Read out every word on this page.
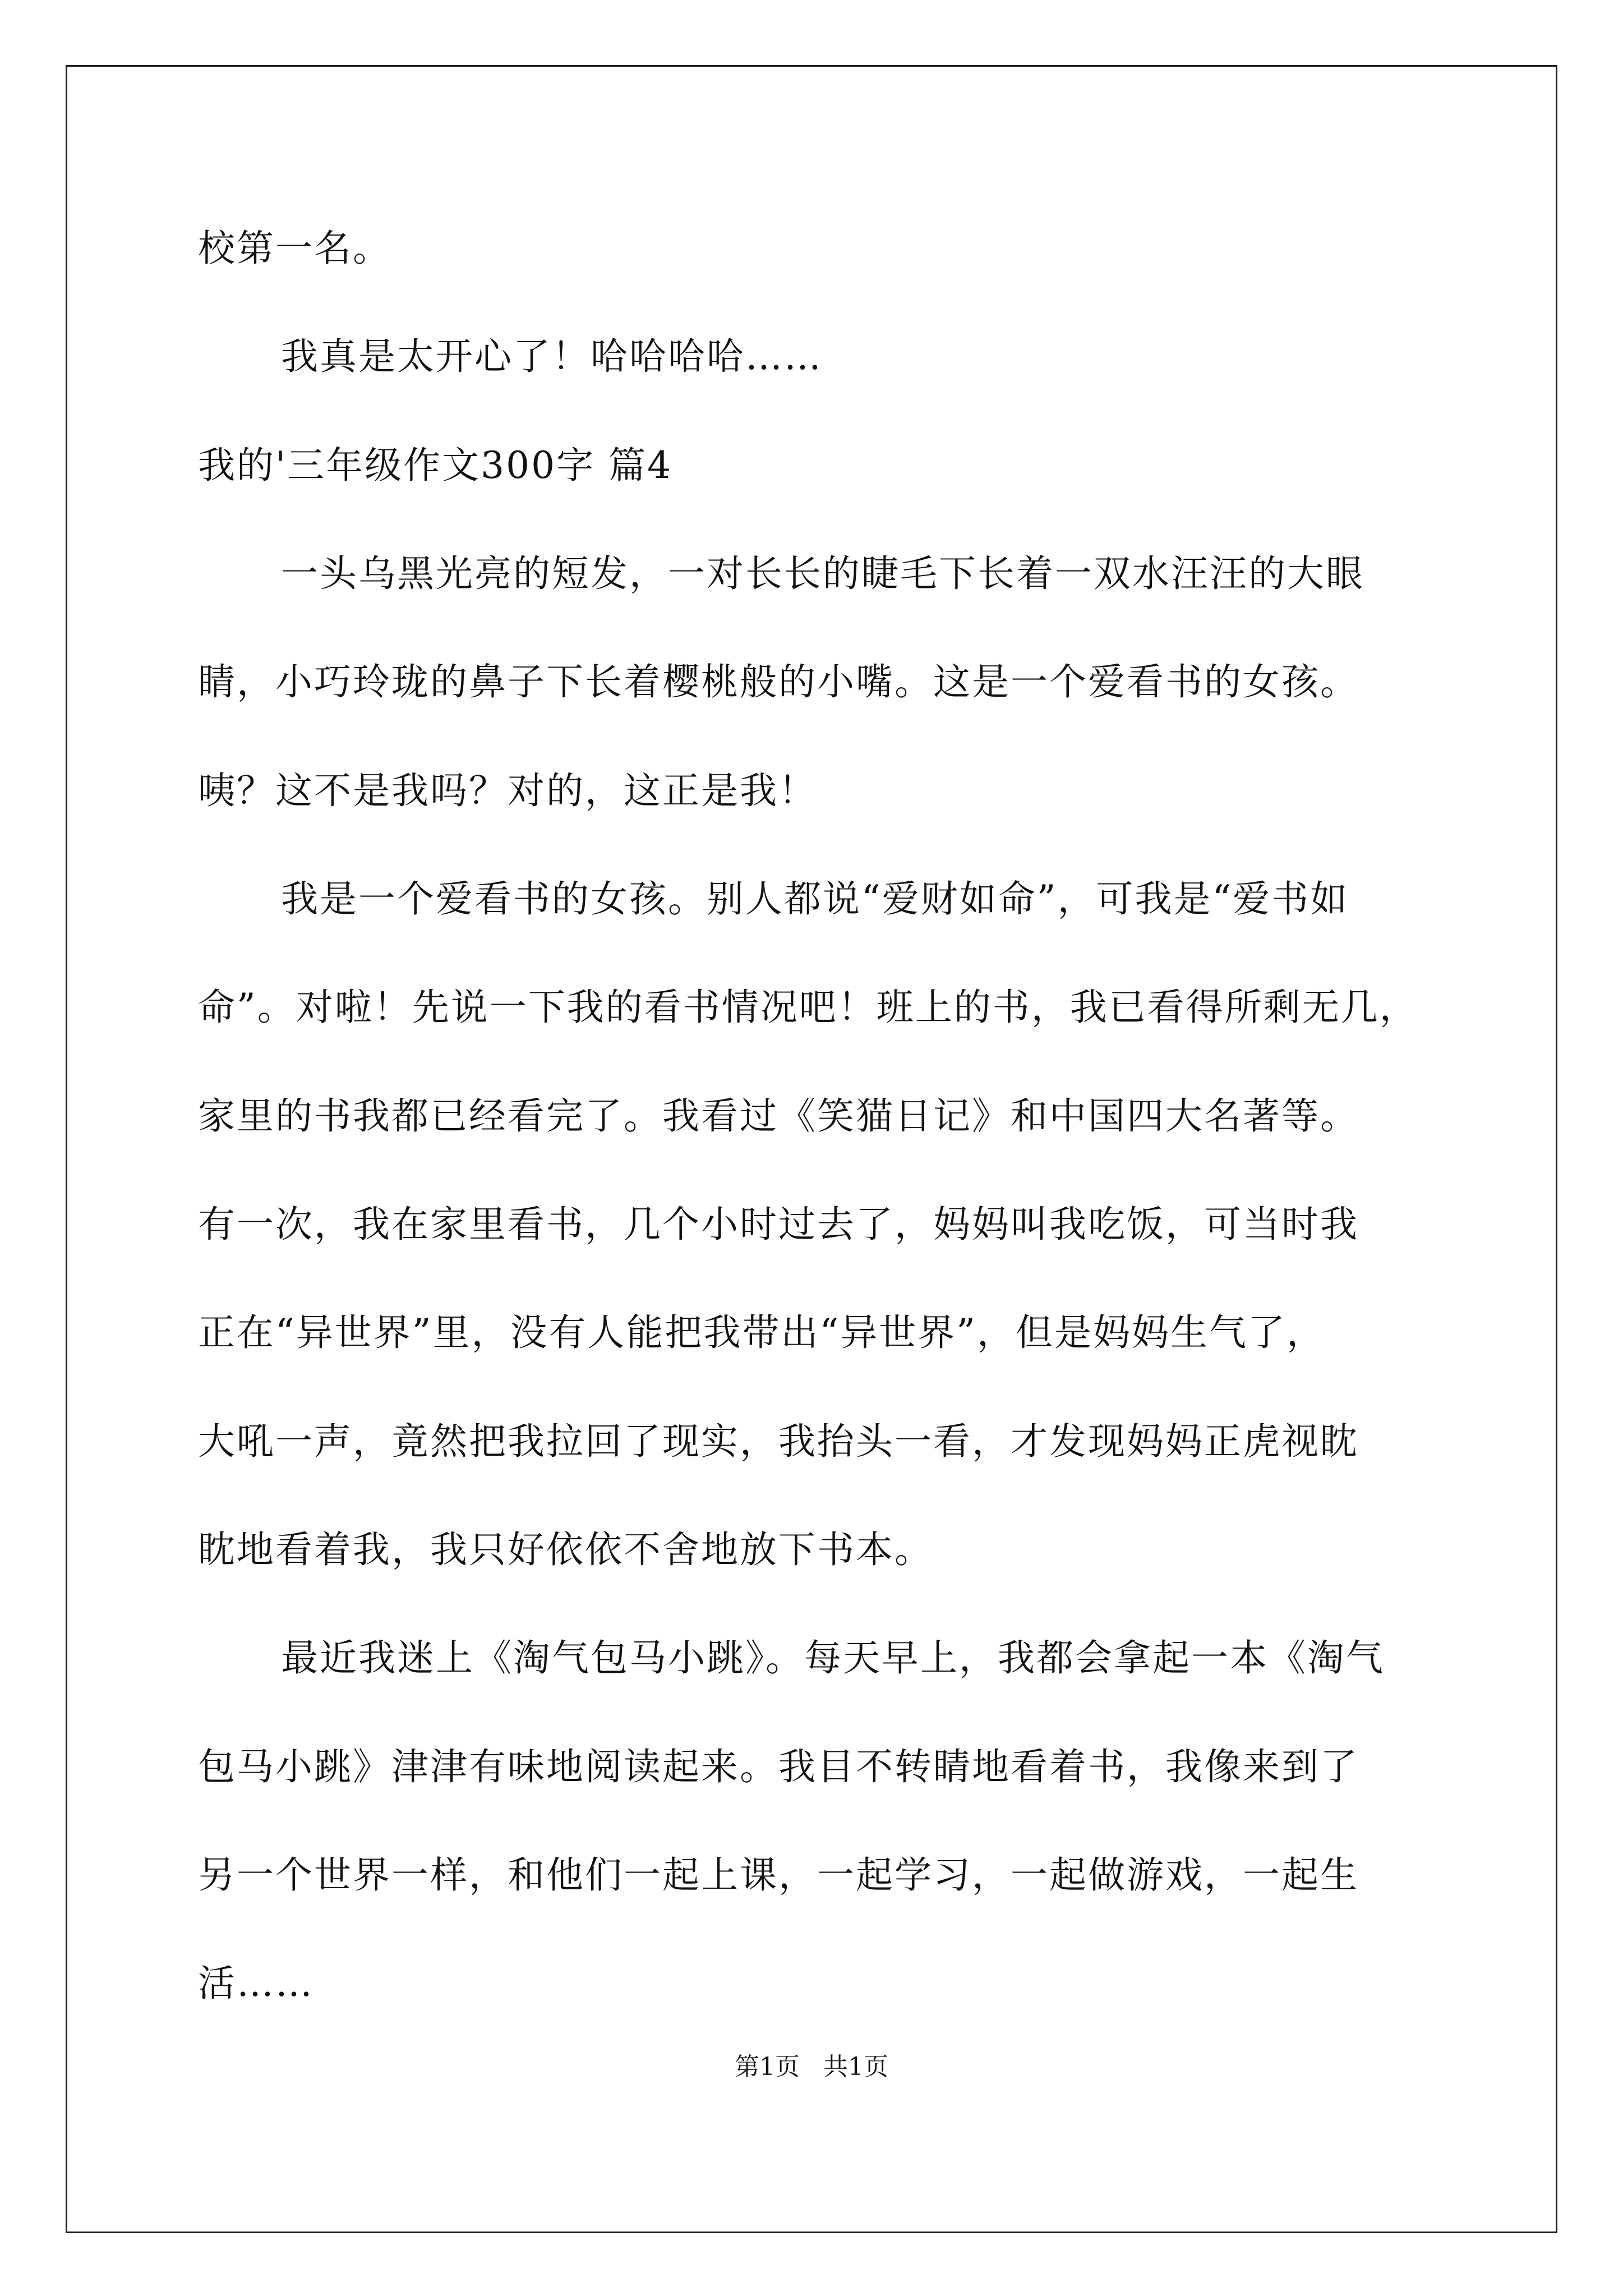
校第一名。
我真是太开心了！哈哈哈哈……
我的'三年级作文300字 篇4
一头乌黑光亮的短发，一对长长的睫毛下长着一双水汪汪的大眼
睛，小巧玲珑的鼻子下长着樱桃般的小嘴。这是一个爱看书的女孩。
咦？这不是我吗？对的，这正是我！
我是一个爱看书的女孩。别人都说“爱财如命”，可我是“爱书如
命”。对啦！先说一下我的看书情况吧！班上的书，我已看得所剩无几，
家里的书我都已经看完了。我看过《笑猫日记》和中国四大名著等。
有一次，我在家里看书，几个小时过去了，妈妈叫我吃饭，可当时我
正在“异世界”里，没有人能把我带出“异世界”，但是妈妈生气了，
大吼一声，竟然把我拉回了现实，我抬头一看，才发现妈妈正虎视眈
眈地看着我，我只好依依不舍地放下书本。
最近我迷上《淘气包马小跳》。每天早上，我都会拿起一本《淘气
包马小跳》津津有味地阅读起来。我目不转睛地看着书，我像来到了
另一个世界一样，和他们一起上课，一起学习，一起做游戏，一起生
活……
第1页   共1页
